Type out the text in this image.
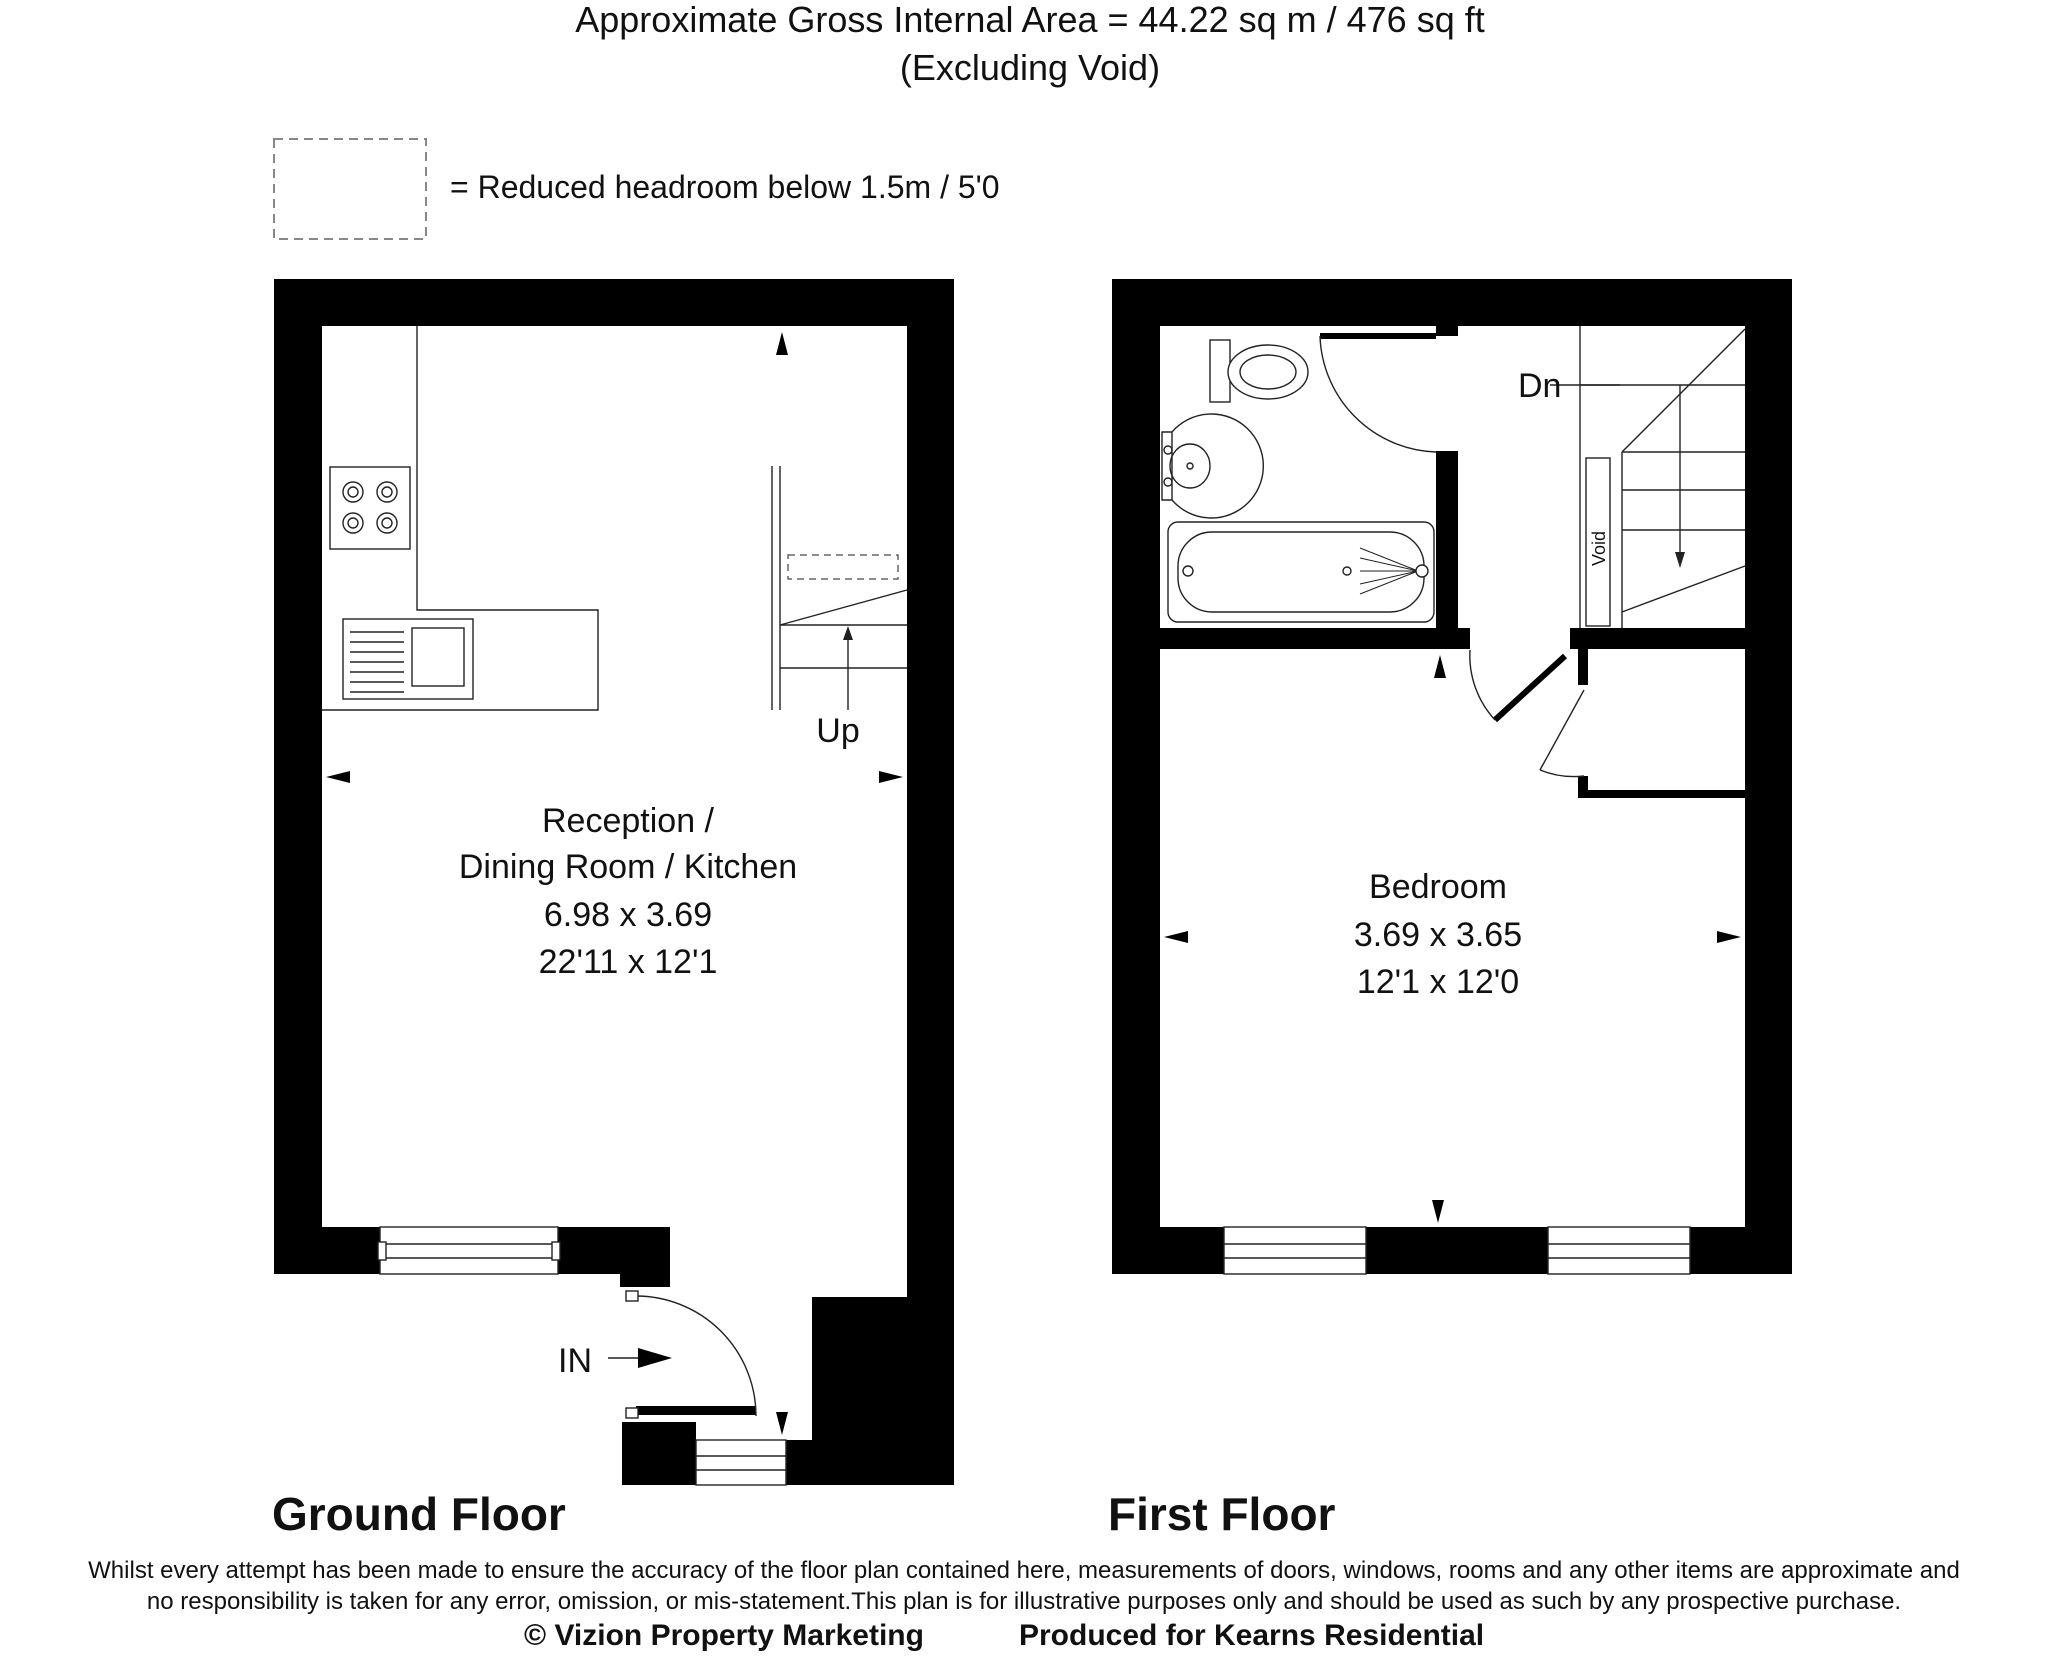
Approximate Gross Internal Area = 44.22 sq m / 476 sq ft
(Excluding Void)
= Reduced headroom below 1.5m / 5'0
Up
IN
Reception /
Dining Room / Kitchen
6.98 x 3.69
22'11 x 12'1
Ground Floor
Dn
Void
Bedroom
3.69 x 3.65
12'1 x 12'0
First Floor
Whilst every attempt has been made to ensure the accuracy of the floor plan contained here, measurements of doors, windows, rooms and any other items are approximate and
no responsibility is taken for any error, omission, or mis-statement.This plan is for illustrative purposes only and should be used as such by any prospective purchase.
© Vizion Property Marketing	Produced for Kearns Residential
